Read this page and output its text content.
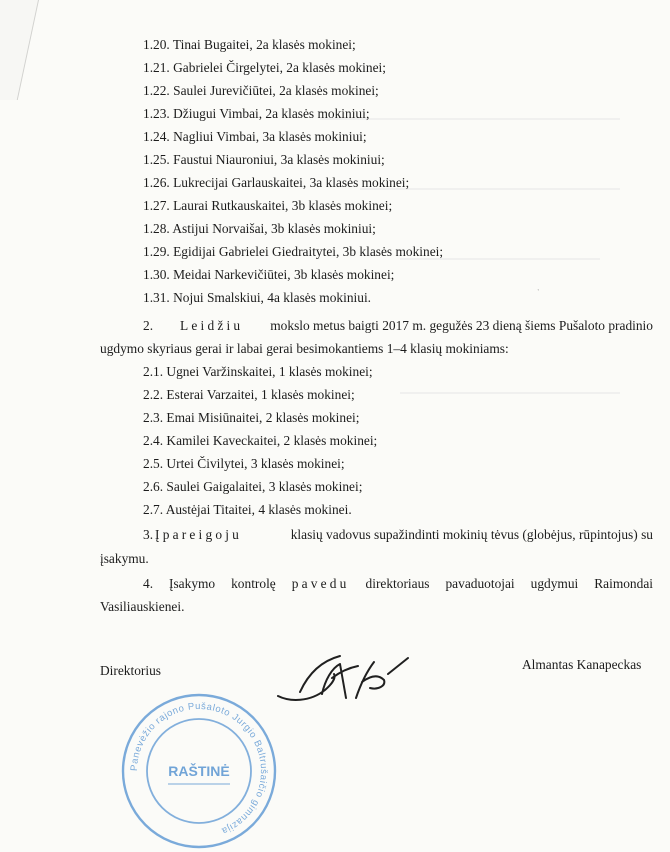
1.20. Tinai Bugaitei, 2a klasės mokinei;
1.21. Gabrielei Čirgelytei, 2a klasės mokinei;
1.22. Saulei Jurevičiūtei, 2a klasės mokinei;
1.23. Džiugui Vimbai, 2a klasės mokiniui;
1.24. Nagliui Vimbai, 3a klasės mokiniui;
1.25. Faustui Niauroniui, 3a klasės mokiniui;
1.26. Lukrecijai Garlauskaitei, 3a klasės mokinei;
1.27. Laurai Rutkauskaitei, 3b klasės mokinei;
1.28. Astijui Norvaišai, 3b klasės mokiniui;
1.29. Egidijai Gabrielei Giedraitytei, 3b klasės mokinei;
1.30. Meidai Narkevičiūtei, 3b klasės mokinei;
1.31. Nojui Smalskiui, 4a klasės mokiniui.
2. Leidžiu mokslo metus baigti 2017 m. gegužės 23 dieną šiems Pušaloto pradinio
ugdymo skyriaus gerai ir labai gerai besimokantiems 1–4 klasių mokiniams:
2.1. Ugnei Varžinskaitei, 1 klasės mokinei;
2.2. Esterai Varzaitei, 1 klasės mokinei;
2.3. Emai Misiūnaitei, 2 klasės mokinei;
2.4. Kamilei Kaveckaitei, 2 klasės mokinei;
2.5. Urtei Čivilytei, 3 klasės mokinei;
2.6. Saulei Gaigalaitei, 3 klasės mokinei;
2.7. Austėjai Titaitei, 4 klasės mokinei.
3. Įpareigoju	klasių vadovus supažindinti mokinių tėvus (globėjus, rūpintojus) su
įsakymu.
4. Įsakymo kontrolę pavedu direktoriaus pavaduotojai ugdymui Raimondai
Vasiliauskienei.
Direktorius	Almantas Kanapeckas
Panevėžio rajono Pušaloto Jurgio Baltrušaičio gimnazija
RAŠTINĖ
ˑ
